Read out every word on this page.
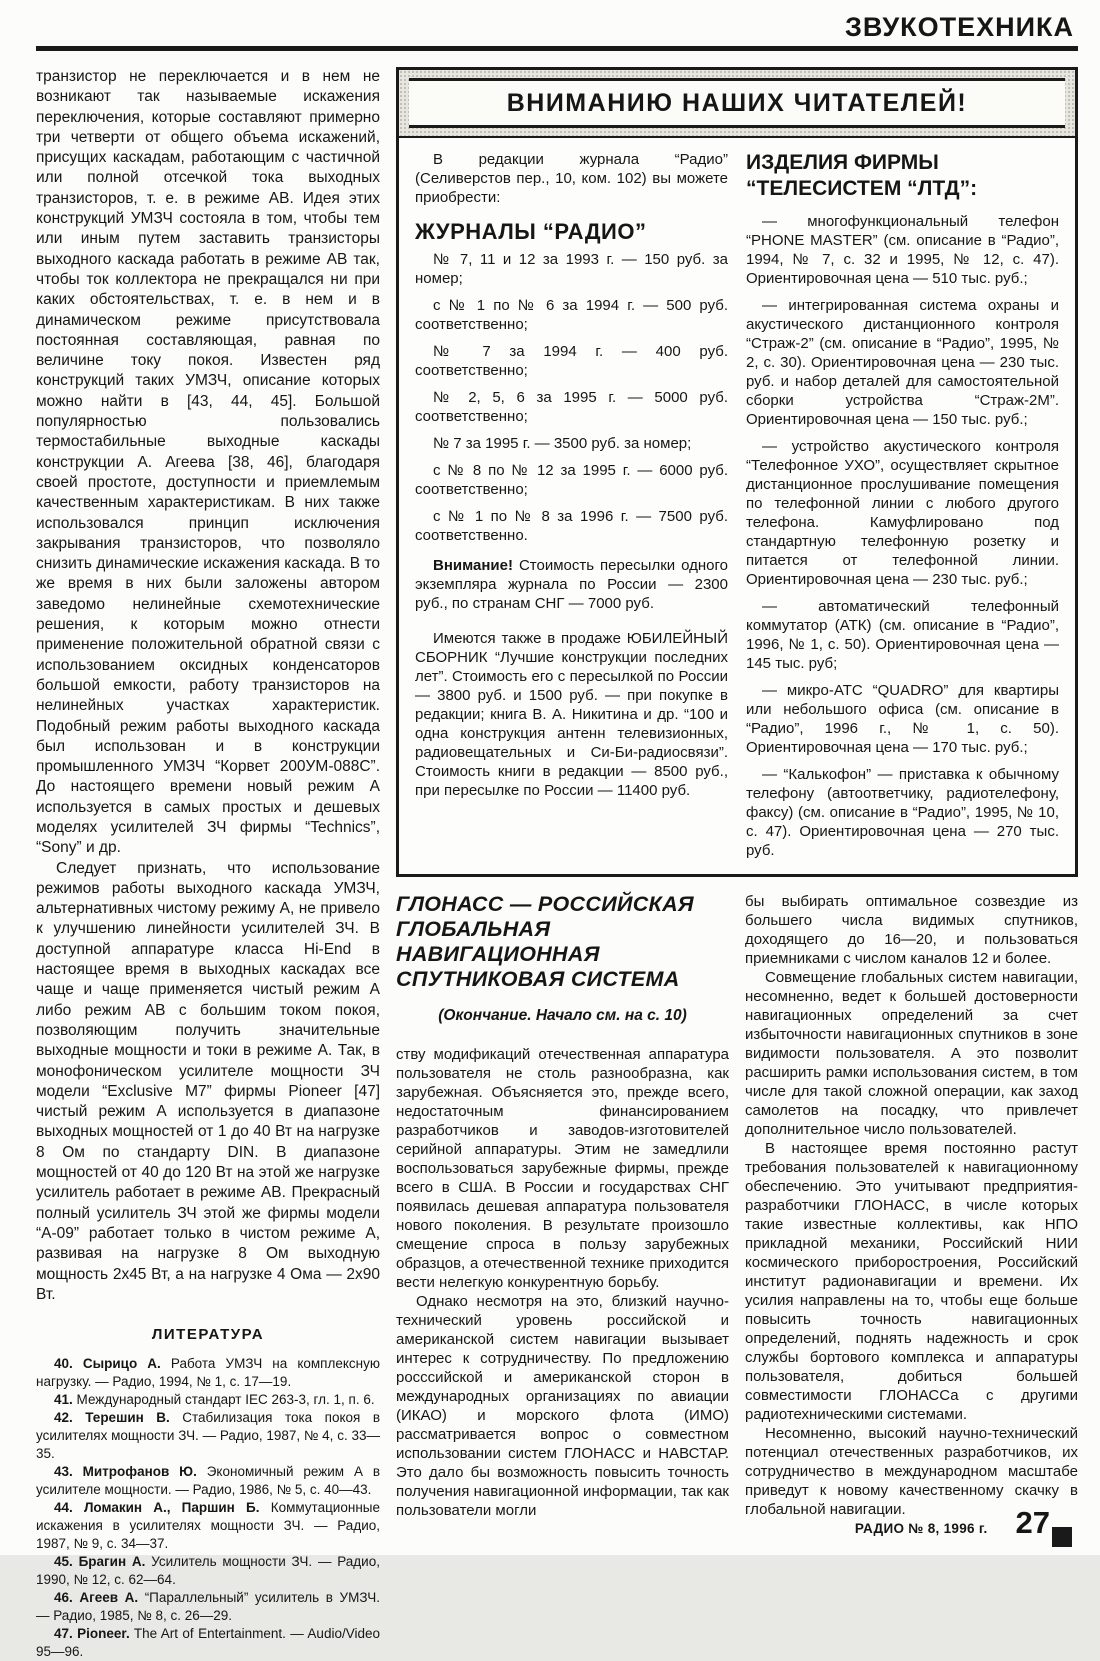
ЗВУКОТЕХНИКА

транзистор не переключается и в нем не возникают так называемые искажения переключения, которые составляют примерно три четверти от общего объема искажений, присущих каскадам, работающим с частичной или полной отсечкой тока выходных транзисторов, т. е. в режиме АВ. Идея этих конструкций УМЗЧ состояла в том, чтобы тем или иным путем заставить транзисторы выходного каскада работать в режиме АВ так, чтобы ток коллектора не прекращался ни при каких обстоятельствах, т. е. в нем и в динамическом режиме присутствовала постоянная составляющая, равная по величине току покоя. Известен ряд конструкций таких УМЗЧ, описание которых можно найти в [43, 44, 45]. Большой популярностью пользовались термостабильные выходные каскады конструкции А. Агеева [38, 46], благодаря своей простоте, доступности и приемлемым качественным характеристикам. В них также использовался принцип исключения закрывания транзисторов, что позволяло снизить динамические искажения каскада. В то же время в них были заложены автором заведомо нелинейные схемотехнические решения, к которым можно отнести применение положительной обратной связи с использованием оксидных конденсаторов большой емкости, работу транзисторов на нелинейных участках характеристик. Подобный режим работы выходного каскада был использован и в конструкции промышленного УМЗЧ “Корвет 200УМ-088С”. До настоящего времени новый режим А используется в самых простых и дешевых моделях усилителей ЗЧ фирмы “Technics”, “Sony” и др.

Следует признать, что использование режимов работы выходного каскада УМЗЧ, альтернативных чистому режиму А, не привело к улучшению линейности усилителей ЗЧ. В доступной аппаратуре класса Hi-End в настоящее время в выходных каскадах все чаще и чаще применяется чистый режим А либо режим АВ с большим током покоя, позволяющим получить значительные выходные мощности и токи в режиме А. Так, в монофоническом усилителе мощности ЗЧ модели “Exclusive M7” фирмы Pioneer [47] чистый режим А используется в диапазоне выходных мощностей от 1 до 40 Вт на нагрузке 8 Ом по стандарту DIN. В диапазоне мощностей от 40 до 120 Вт на этой же нагрузке усилитель работает в режиме АВ. Прекрасный полный усилитель ЗЧ этой же фирмы модели “А-09” работает только в чистом режиме А, развивая на нагрузке 8 Ом выходную мощность 2x45 Вт, а на нагрузке 4 Ома — 2x90 Вт.

ЛИТЕРАТУРА

40. Сырицо А. Работа УМЗЧ на комплексную нагрузку. — Радио, 1994, № 1, с. 17—19.

41. Международный стандарт IEC 263-3, гл. 1, п. 6.

42. Терешин В. Стабилизация тока покоя в усилителях мощности ЗЧ. — Радио, 1987, № 4, с. 33—35.

43. Митрофанов Ю. Экономичный режим А в усилителе мощности. — Радио, 1986, № 5, с. 40—43.

44. Ломакин А., Паршин Б. Коммутационные искажения в усилителях мощности ЗЧ. — Радио, 1987, № 9, с. 34—37.

45. Брагин А. Усилитель мощности ЗЧ. — Радио, 1990, № 12, с. 62—64.

46. Агеев А. “Параллельный” усилитель в УМЗЧ. — Радио, 1985, № 8, с. 26—29.

47. Pioneer. The Art of Entertainment. — Audio/Video 95—96.

ВНИМАНИЮ НАШИХ ЧИТАТЕЛЕЙ!

В редакции журнала “Радио” (Селиверстов пер., 10, ком. 102) вы можете приобрести:

ЖУРНАЛЫ “РАДИО”

№ 7, 11 и 12 за 1993 г. — 150 руб. за номер;

с № 1 по № 6 за 1994 г. — 500 руб. соответственно;

№ 7 за 1994 г. — 400 руб. соответственно;

№ 2, 5, 6 за 1995 г. — 5000 руб. соответственно;

№ 7 за 1995 г. — 3500 руб. за номер;

с № 8 по № 12 за 1995 г. — 6000 руб. соответственно;

с № 1 по № 8 за 1996 г. — 7500 руб. соответственно.

Внимание! Стоимость пересылки одного экземпляра журнала по России — 2300 руб., по странам СНГ — 7000 руб.

Имеются также в продаже ЮБИЛЕЙНЫЙ СБОРНИК “Лучшие конструкции последних лет”. Стоимость его с пересылкой по России — 3800 руб. и 1500 руб. — при покупке в редакции; книга В. А. Никитина и др. “100 и одна конструкция антенн телевизионных, радиовещательных и Си-Би-радиосвязи”. Стоимость книги в редакции — 8500 руб., при пересылке по России — 11400 руб.

ИЗДЕЛИЯ ФИРМЫ
“ТЕЛЕСИСТЕМ “ЛТД”:

— многофункциональный телефон “PHONE MASTER” (см. описание в “Радио”, 1994, № 7, с. 32 и 1995, № 12, с. 47). Ориентировочная цена — 510 тыс. руб.;

— интегрированная система охраны и акустического дистанционного контроля “Страж-2” (см. описание в “Радио”, 1995, № 2, с. 30). Ориентировочная цена — 230 тыс. руб. и набор деталей для самостоятельной сборки устройства “Страж-2М”. Ориентировочная цена — 150 тыс. руб.;

— устройство акустического контроля “Телефонное УХО”, осуществляет скрытное дистанционное прослушивание помещения по телефонной линии с любого другого телефона. Камуфлировано под стандартную телефонную розетку и питается от телефонной линии. Ориентировочная цена — 230 тыс. руб.;

— автоматический телефонный коммутатор (АТК) (см. описание в “Радио”, 1996, № 1, с. 50). Ориентировочная цена — 145 тыс. руб;

— микро-АТС “QUADRO” для квартиры или небольшого офиса (см. описание в “Радио”, 1996 г., № 1, с. 50). Ориентировочная цена — 170 тыс. руб.;

— “Калькофон” — приставка к обычному телефону (автоответчику, радиотелефону, факсу) (см. описание в “Радио”, 1995, № 10, с. 47). Ориентировочная цена — 270 тыс. руб.

ГЛОНАСС — РОССИЙСКАЯ
ГЛОБАЛЬНАЯ
НАВИГАЦИОННАЯ
СПУТНИКОВАЯ СИСТЕМА

(Окончание. Начало см. на с. 10)

ству модификаций отечественная аппаратура пользователя не столь разнообразна, как зарубежная. Объясняется это, прежде всего, недостаточным финансированием разработчиков и заводов-изготовителей серийной аппаратуры. Этим не замедлили воспользоваться зарубежные фирмы, прежде всего в США. В России и государствах СНГ появилась дешевая аппаратура пользователя нового поколения. В результате произошло смещение спроса в пользу зарубежных образцов, а отечественной технике приходится вести нелегкую конкурентную борьбу.

Однако несмотря на это, близкий научно-технический уровень российской и американской систем навигации вызывает интерес к сотрудничеству. По предложению росссийской и американской сторон в международных организациях по авиации (ИКАО) и морского флота (ИМО) рассматривается вопрос о совместном использовании систем ГЛОНАСС и НАВСТАР. Это дало бы возможность повысить точность получения навигационной информации, так как пользователи могли

бы выбирать оптимальное созвездие из большего числа видимых спутников, доходящего до 16—20, и пользоваться приемниками с числом каналов 12 и более.

Совмещение глобальных систем навигации, несомненно, ведет к большей достоверности навигационных определений за счет избыточности навигационных спутников в зоне видимости пользователя. А это позволит расширить рамки использования систем, в том числе для такой сложной операции, как заход самолетов на посадку, что привлечет дополнительное число пользователей.

В настоящее время постоянно растут требования пользователей к навигационному обеспечению. Это учитывают предприятия-разработчики ГЛОНАСС, в числе которых такие известные коллективы, как НПО прикладной механики, Российский НИИ космического приборостроения, Российский институт радионавигации и времени. Их усилия направлены на то, чтобы еще больше повысить точность навигационных определений, поднять надежность и срок службы бортового комплекса и аппаратуры пользователя, добиться большей совместимости ГЛОНАССа с другими радиотехническими системами.

Несомненно, высокий научно-технический потенциал отечественных разработчиков, их сотрудничество в международном масштабе приведут к новому качественному скачку в глобальной навигации.

РАДИО № 8, 1996 г. 27
